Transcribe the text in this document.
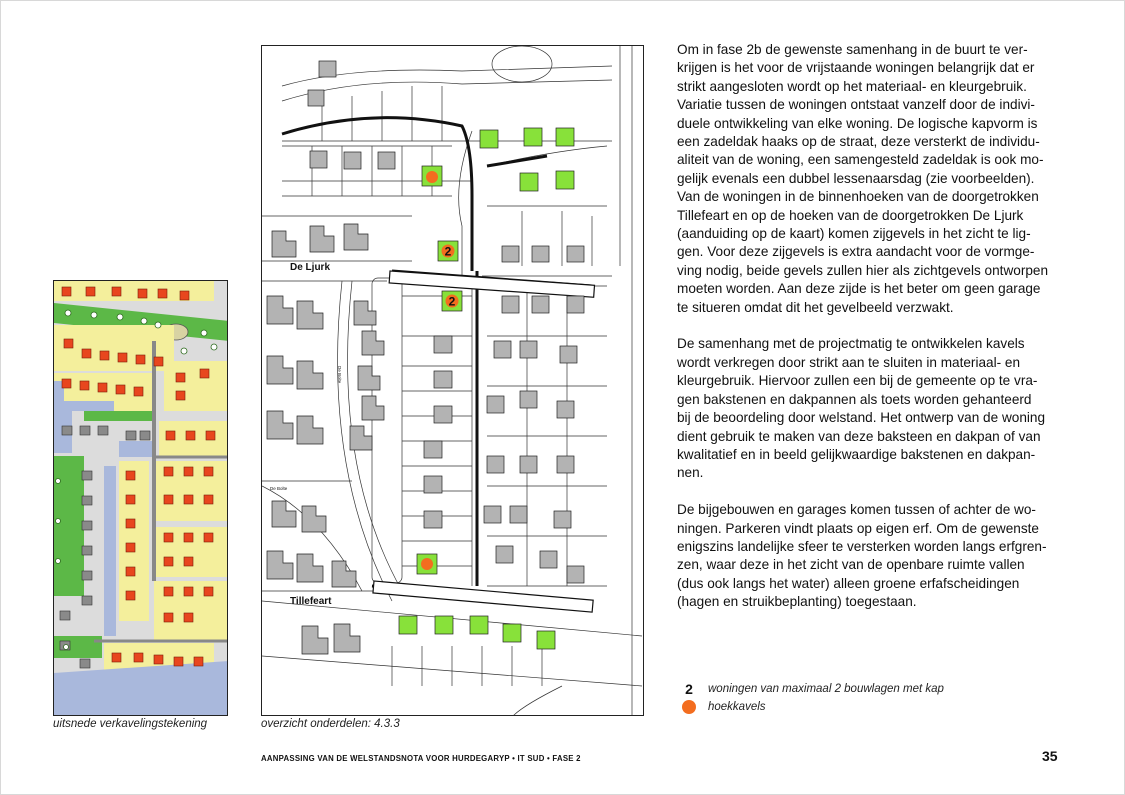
uitsnede verkavelingstekening
2
2
De Ljurk
Tillefeart
De Bolte
De Bolte
overzicht onderdelen: 4.3.3

Om in fase 2b de gewenste samenhang in de buurt te ver-
krijgen is het voor de vrijstaande woningen belangrijk dat er
strikt aangesloten wordt op het materiaal- en kleurgebruik.
Variatie tussen de woningen ontstaat vanzelf door de indivi-
duele ontwikkeling van elke woning. De logische kapvorm is
een zadeldak haaks op de straat, deze versterkt de individu-
aliteit van de woning, een samengesteld zadeldak is ook mo-
gelijk evenals een dubbel lessenaarsdag (zie voorbeelden).
Van de woningen in de binnenhoeken van de doorgetrokken
Tillefeart en op de hoeken van de doorgetrokken De Ljurk
(aanduiding op de kaart) komen zijgevels in het zicht te lig-
gen. Voor deze zijgevels is extra aandacht voor de vormge-
ving nodig, beide gevels zullen hier als zichtgevels ontworpen
moeten worden. Aan deze zijde is het beter om geen garage
te situeren omdat dit het gevelbeeld verzwakt.

De samenhang met de projectmatig te ontwikkelen kavels
wordt verkregen door strikt aan te sluiten in materiaal- en
kleurgebruik. Hiervoor zullen een bij de gemeente op te vra-
gen bakstenen en dakpannen als toets worden gehanteerd
bij de beoordeling door welstand. Het ontwerp van de woning
dient gebruik te maken van deze baksteen en dakpan of van
kwalitatief en in beeld gelijkwaardige bakstenen en dakpan-
nen.

De bijgebouwen en garages komen tussen of achter de wo-
ningen. Parkeren vindt plaats op eigen erf. Om de gewenste
enigszins landelijke sfeer te versterken worden langs erfgren-
zen, waar deze in het zicht van de openbare ruimte vallen
(dus ook langs het water) alleen groene erfafscheidingen
(hagen en struikbeplanting) toegestaan.

2 woningen van maximaal 2 bouwlagen met kap
hoekkavels
AANPASSING VAN DE WELSTANDSNOTA VOOR HURDEGARYP • IT SUD • FASE 2	35
